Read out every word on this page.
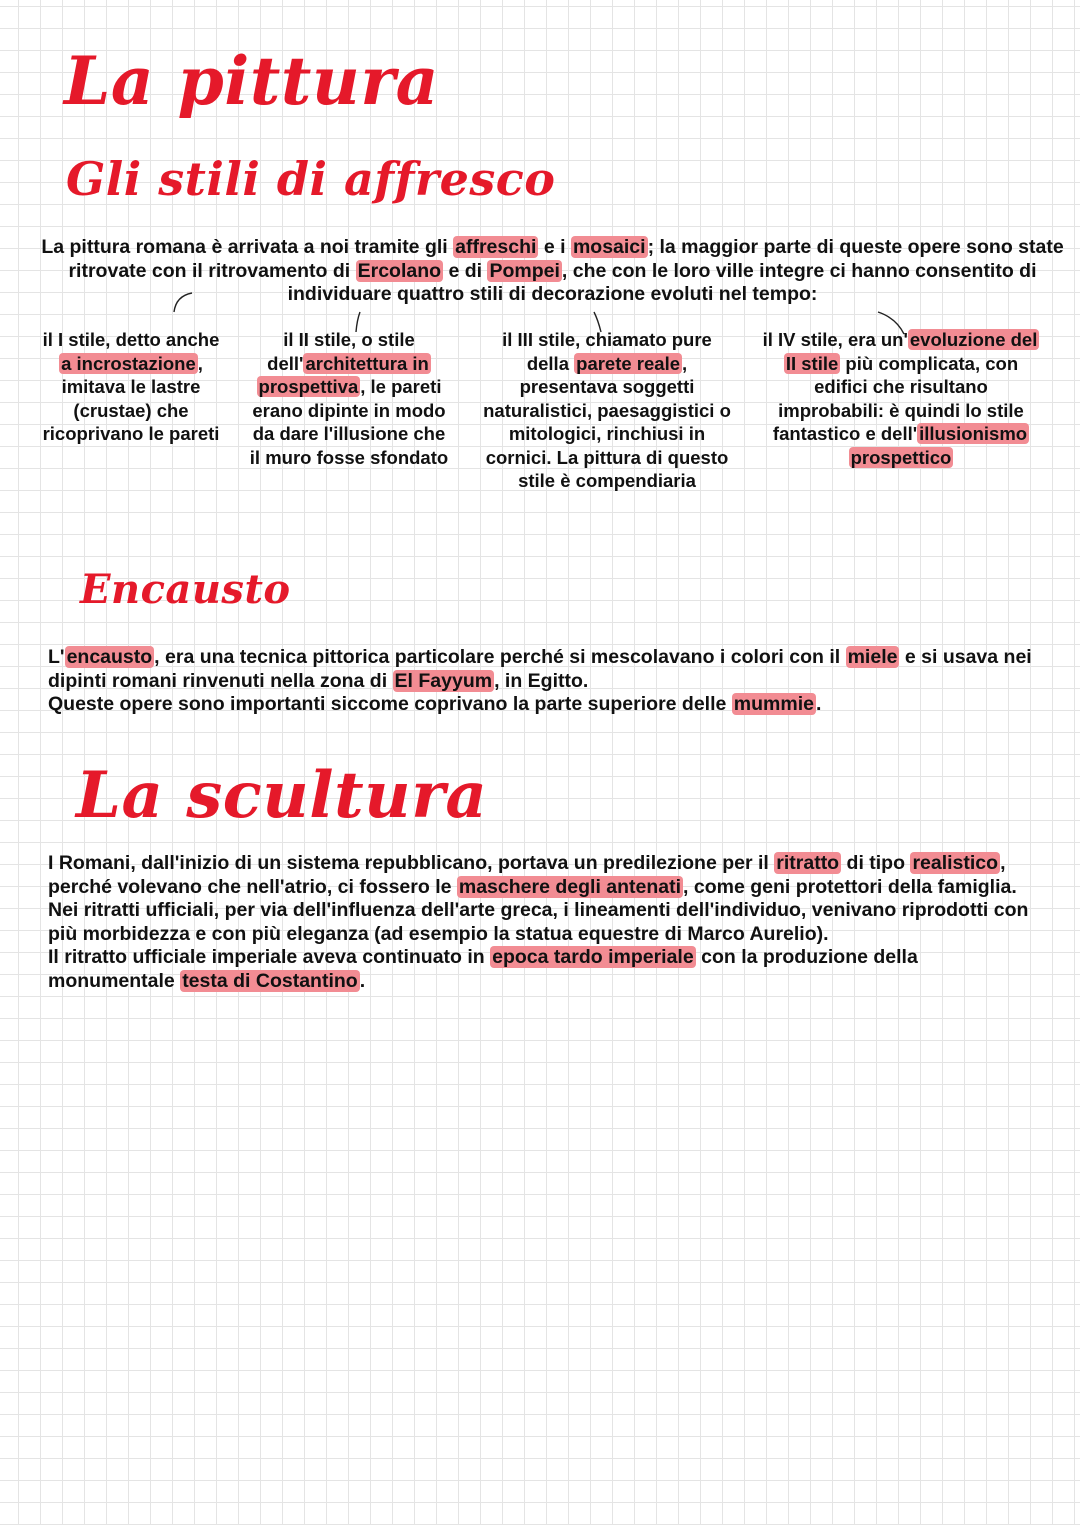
La pittura
Gli stili di affresco

La pittura romana è arrivata a noi tramite gli affreschi e i mosaici ; la maggior parte di queste opere sono state ritrovate con il ritrovamento di Ercolano e di Pompei , che con le loro ville integre ci hanno consentito di individuare quattro stili di decorazione evoluti nel tempo:

il I stile, detto anche a incrostazione , imitava le lastre (crustae) che ricoprivano le pareti

il II stile, o stile dell' architettura in prospettiva , le pareti erano dipinte in modo da dare l'illusione che il muro fosse sfondato

il III stile, chiamato pure della parete reale , presentava soggetti naturalistici, paesaggistici o mitologici, rinchiusi in cornici. La pittura di questo stile è compendiaria

il IV stile, era un' evoluzione del II stile più complicata, con edifici che risultano improbabili: è quindi lo stile fantastico e dell' illusionismo prospettico

Encausto

L' encausto , era una tecnica pittorica particolare perché si mescolavano i colori con il miele e si usava nei dipinti romani rinvenuti nella zona di El Fayyum , in Egitto.
Queste opere sono importanti siccome coprivano la parte superiore delle mummie .

La scultura

I Romani, dall'inizio di un sistema repubblicano, portava un predilezione per il ritratto di tipo realistico , perché volevano che nell'atrio, ci fossero le maschere degli antenati , come geni protettori della famiglia.
Nei ritratti ufficiali, per via dell'influenza dell'arte greca, i lineamenti dell'individuo, venivano riprodotti con più morbidezza e con più eleganza (ad esempio la statua equestre di Marco Aurelio).
Il ritratto ufficiale imperiale aveva continuato in epoca tardo imperiale con la produzione della monumentale testa di Costantino .
